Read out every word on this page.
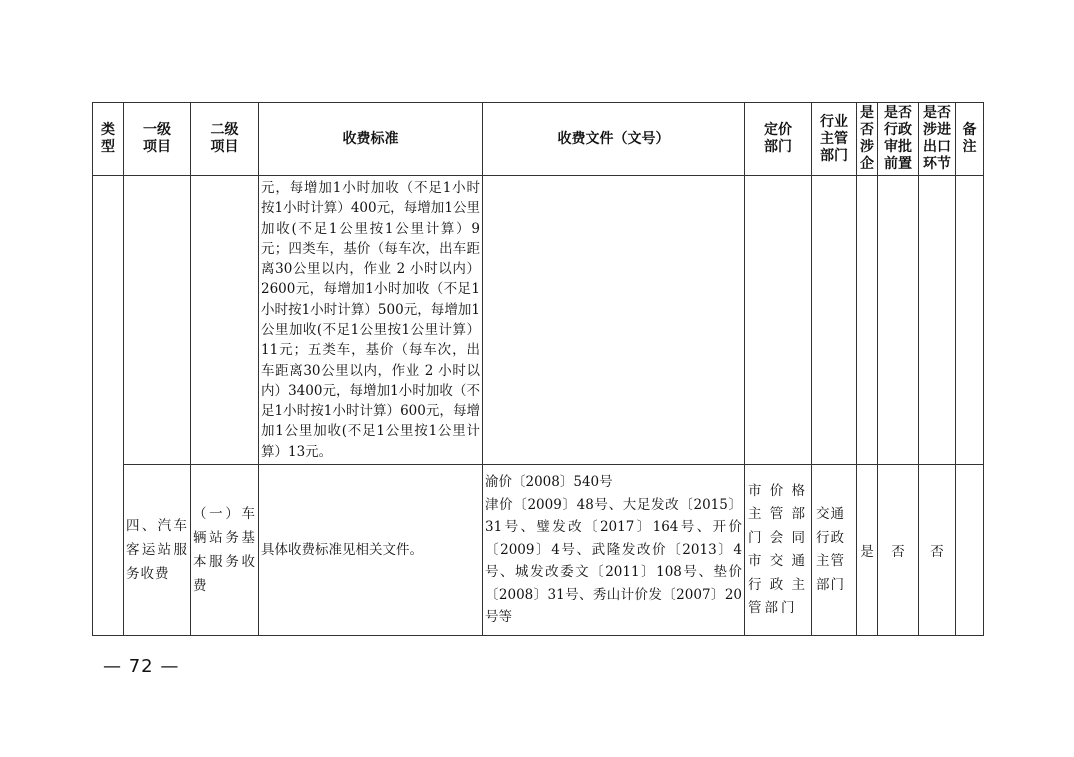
类型	一级项目	二级项目	收费标准	收费文件（文号）	定价部门	行业主管部门	是否涉企	是否行政审批前置	是否涉进出口环节	备注

			元，每增加1小时加收（不足1小时按1小时计算）400元，每增加1公里加收(不足1公里按1公里计算）9元；四类车，基价（每车次，出车距离30公里以内，作业 2 小时以内）2600元，每增加1小时加收（不足1小时按1小时计算）500元，每增加1公里加收(不足1公里按1公里计算）11元；五类车，基价（每车次，出车距离30公里以内，作业 2 小时以内）3400元，每增加1小时加收（不足1小时按1小时计算）600元，每增加1公里加收(不足1公里按1公里计算）13元。							

	四、汽车客运站服务收费	（一）车辆站务基本服务收费	具体收费标准见相关文件。	渝价〔2008〕540号
津价〔2009〕48号、大足发改〔2015〕31号、璧发改〔2017〕164号、开价〔2009〕4号、武隆发改价〔2013〕4号、城发改委文〔2011〕108号、垫价〔2008〕31号、秀山计价发〔2007〕20号等	市价格主管部门会同市交通行政主管部门	交通行政主管部门	是	否	否	
— 72 —
